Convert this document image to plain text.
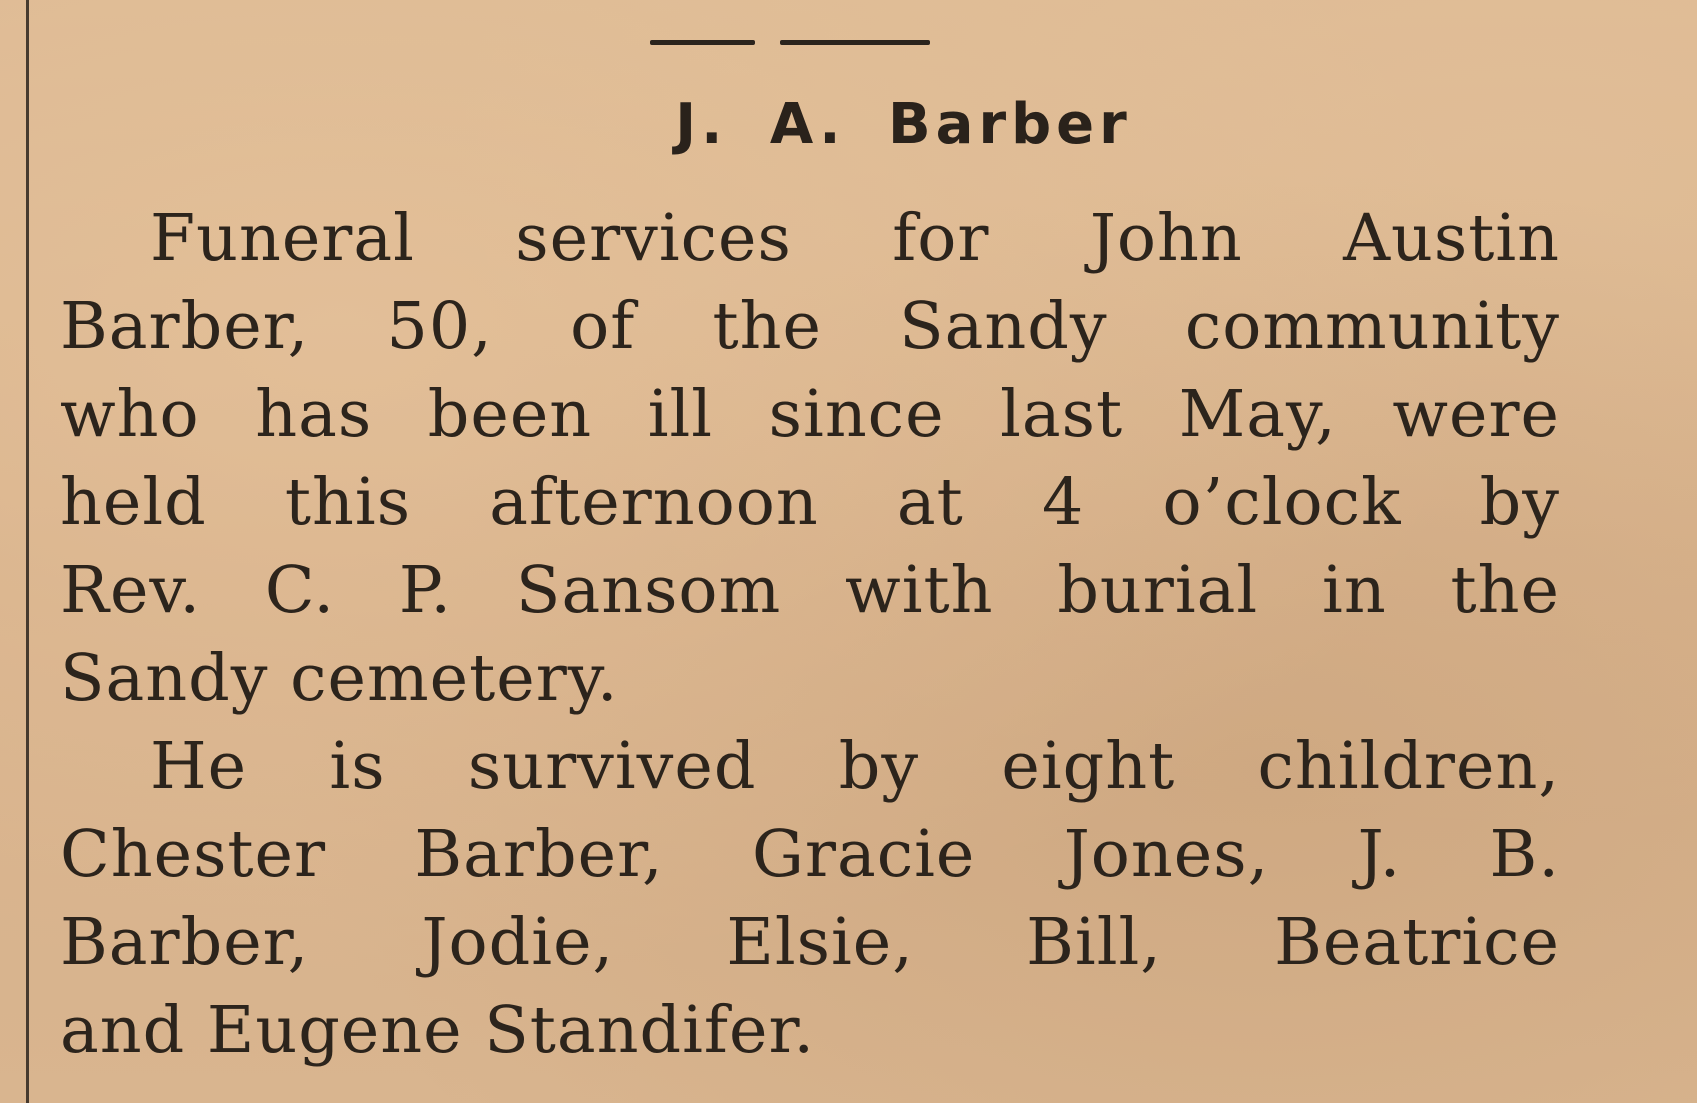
J. A. Barber
Funeral services for John Austin
Barber, 50, of the Sandy community
who has been ill since last May, were
held this afternoon at 4 o’clock by
Rev. C. P. Sansom with burial in the
Sandy cemetery.
He is survived by eight children,
Chester Barber, Gracie Jones, J. B.
Barber, Jodie, Elsie, Bill, Beatrice
and Eugene Standifer.
